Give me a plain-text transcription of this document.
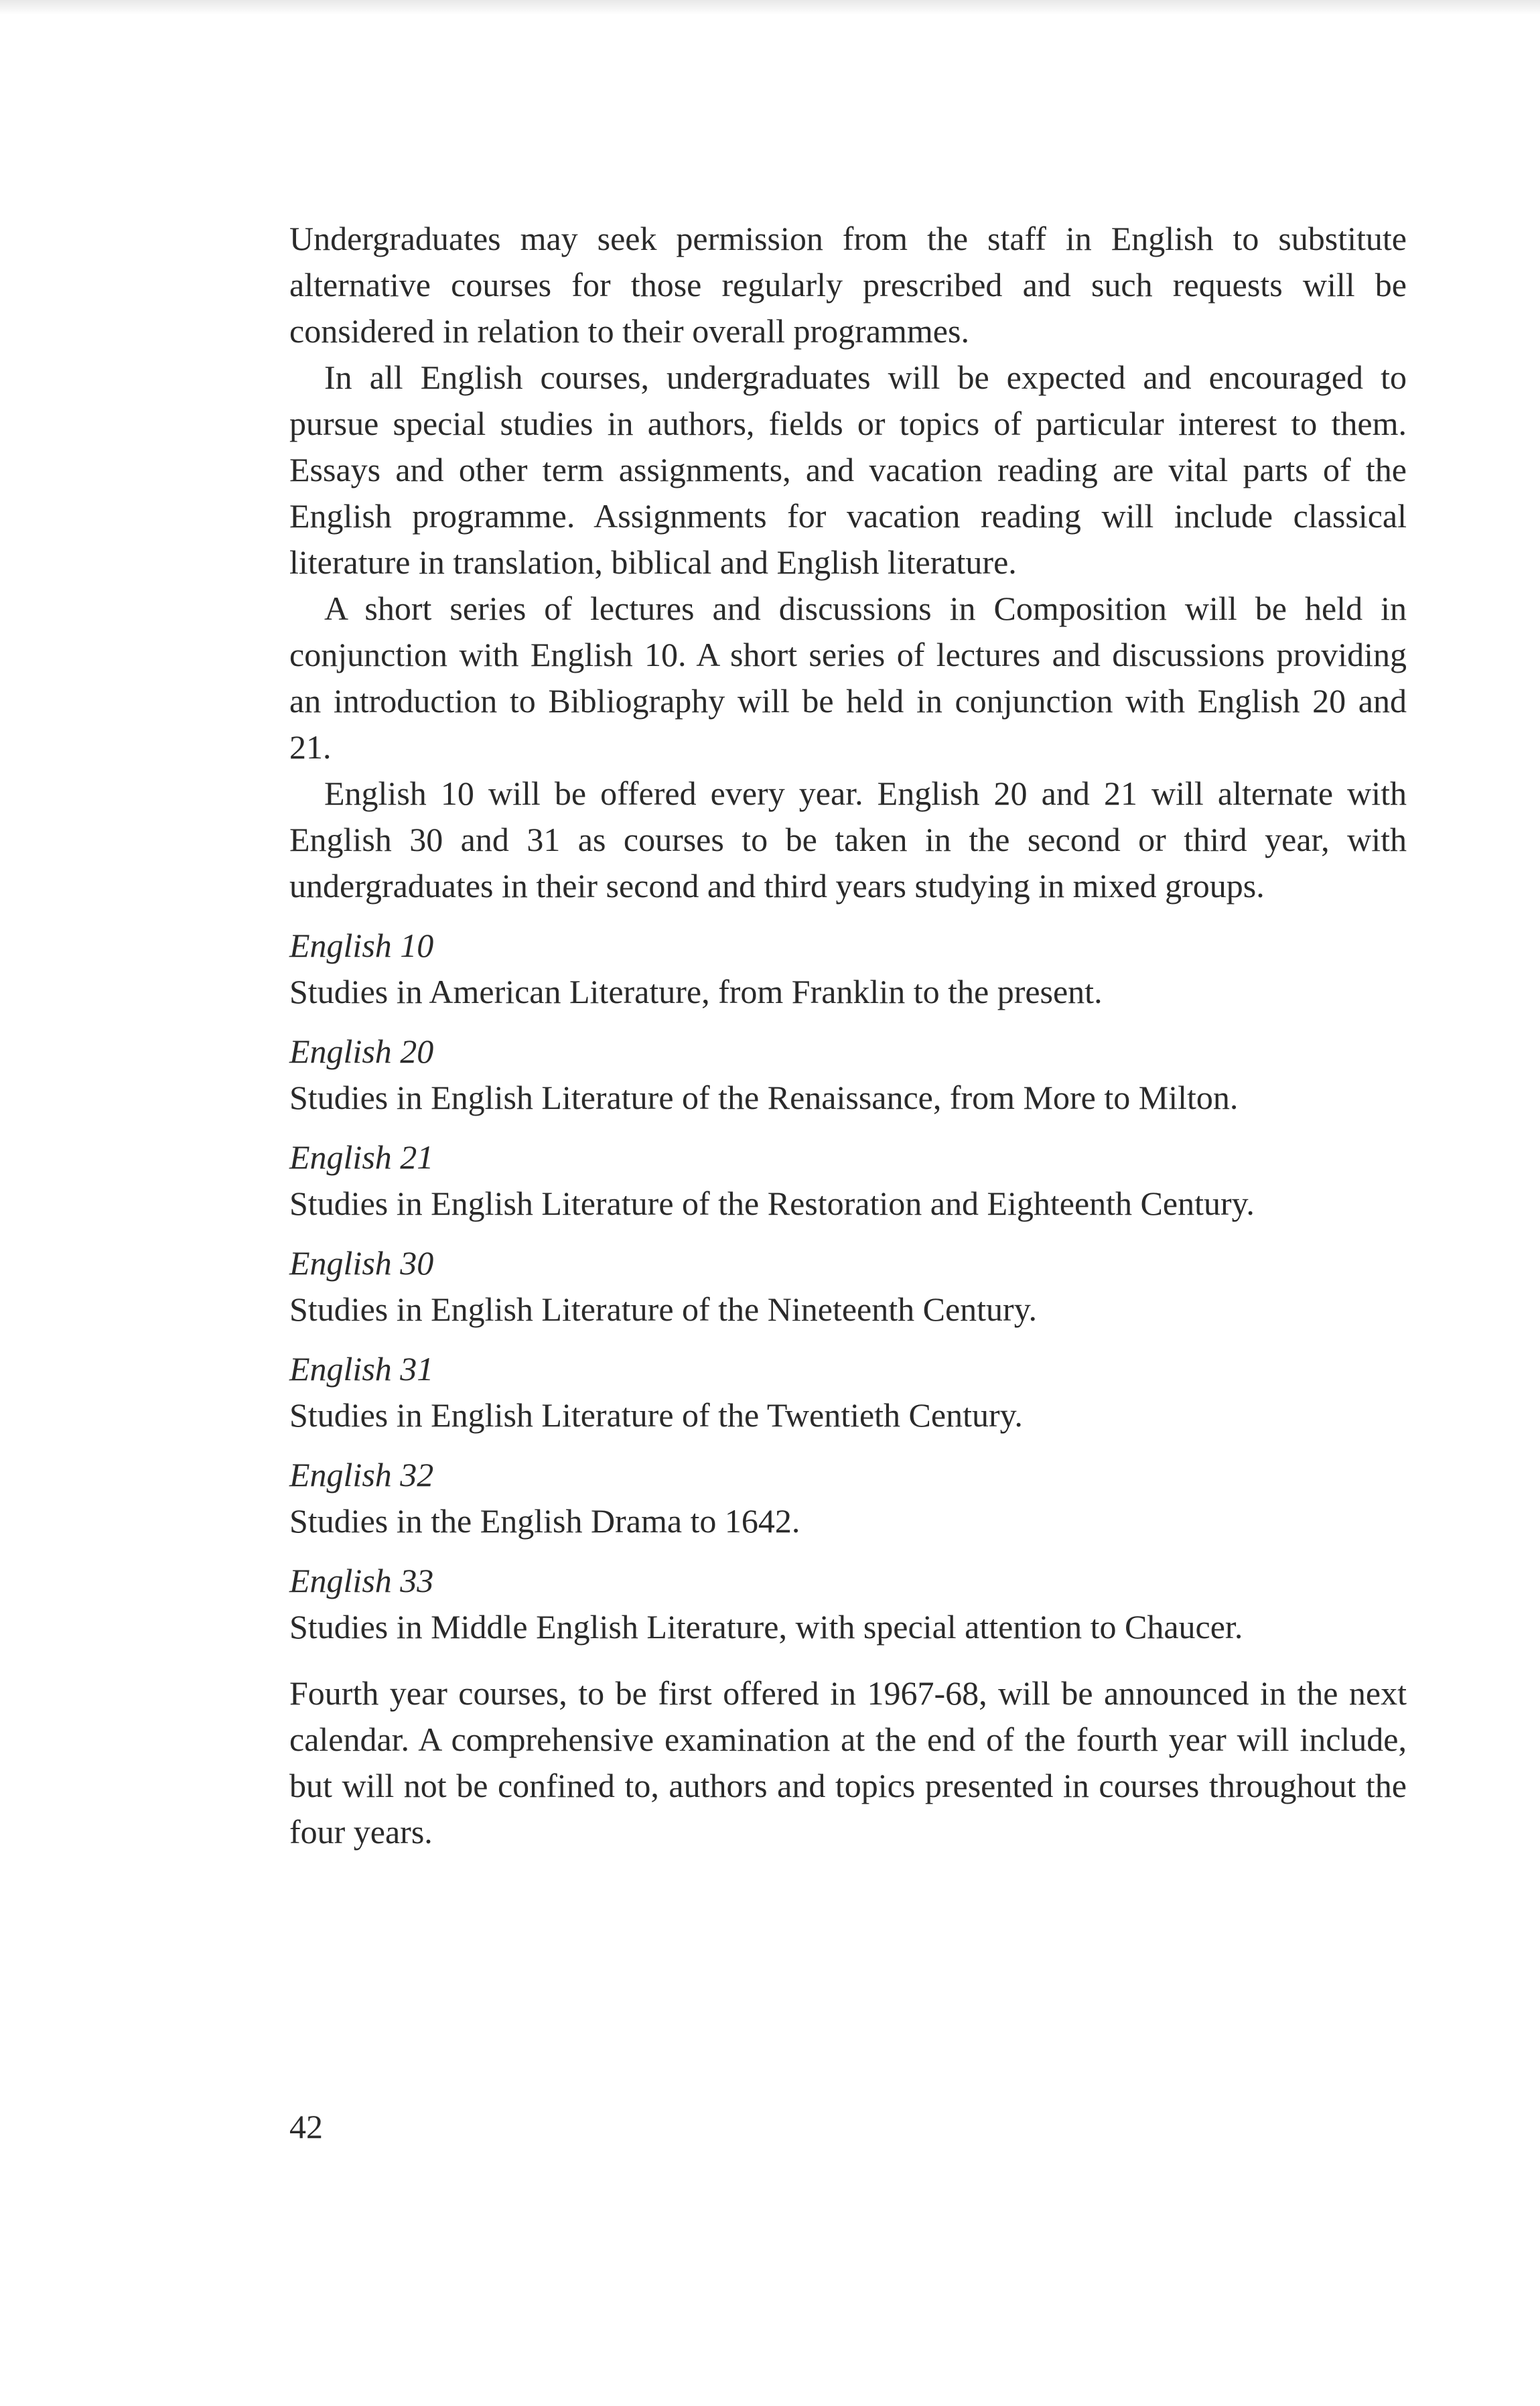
Undergraduates may seek permission from the staff in English to substitute alternative courses for those regularly prescribed and such requests will be considered in relation to their overall programmes.

In all English courses, undergraduates will be expected and encouraged to pursue special studies in authors, fields or topics of particular interest to them. Essays and other term assignments, and vacation reading are vital parts of the English programme. Assignments for vacation reading will include classical literature in translation, biblical and English literature.

A short series of lectures and discussions in Composition will be held in conjunction with English 10. A short series of lectures and discussions providing an introduction to Bibliography will be held in conjunction with English 20 and 21.

English 10 will be offered every year. English 20 and 21 will alternate with English 30 and 31 as courses to be taken in the second or third year, with undergraduates in their second and third years studying in mixed groups.

English 10

Studies in American Literature, from Franklin to the present.

English 20

Studies in English Literature of the Renaissance, from More to Milton.

English 21

Studies in English Literature of the Restoration and Eighteenth Century.

English 30

Studies in English Literature of the Nineteenth Century.

English 31

Studies in English Literature of the Twentieth Century.

English 32

Studies in the English Drama to 1642.

English 33

Studies in Middle English Literature, with special attention to Chaucer.

Fourth year courses, to be first offered in 1967-68, will be announced in the next calendar. A comprehensive examination at the end of the fourth year will include, but will not be confined to, authors and topics presented in courses throughout the four years.

42
